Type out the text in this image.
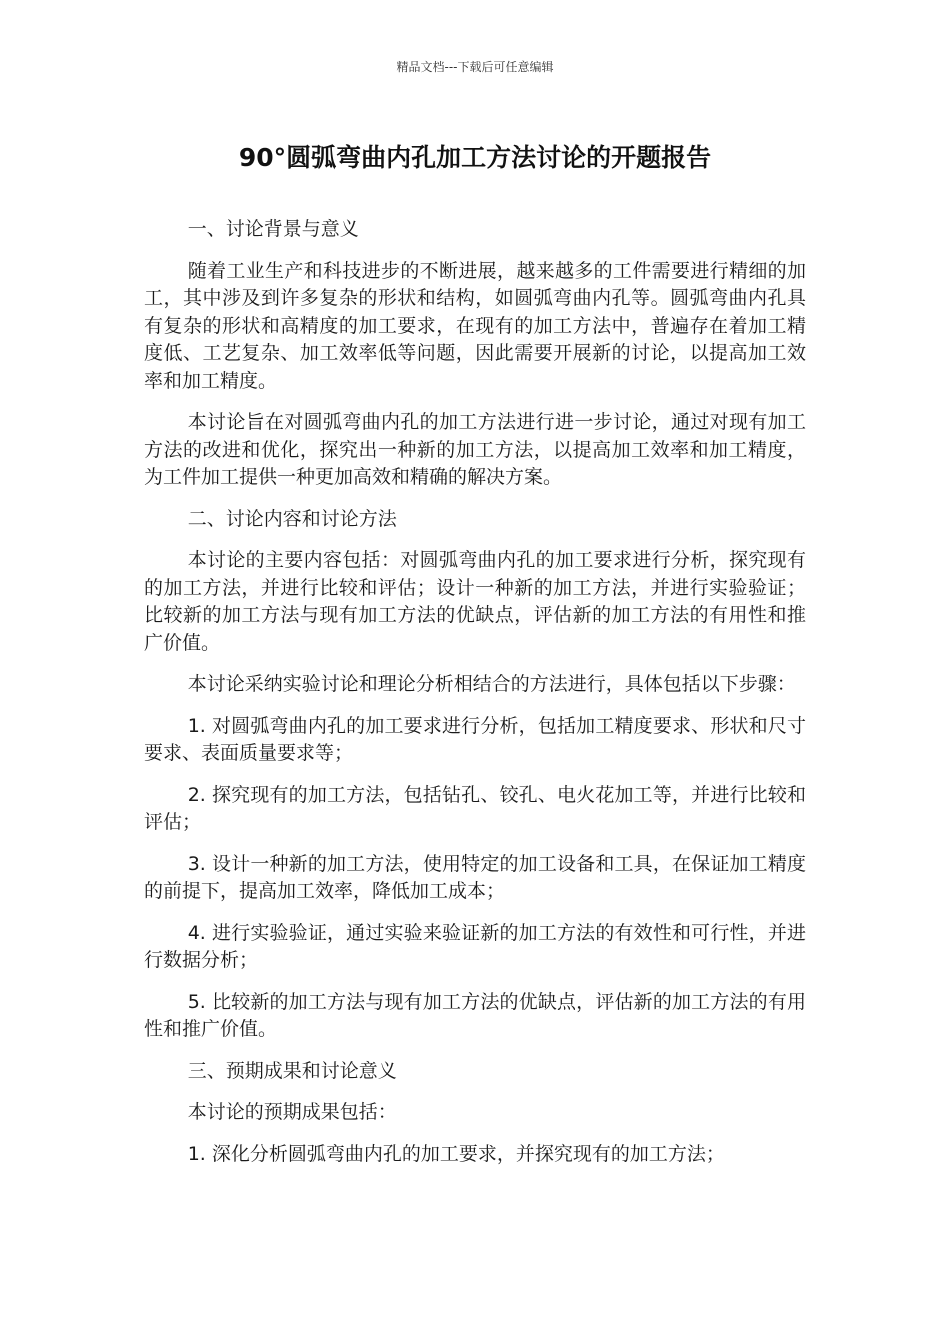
精品文档---下载后可任意编辑
90°圆弧弯曲内孔加工方法讨论的开题报告

一、讨论背景与意义

随着工业生产和科技进步的不断进展，越来越多的工件需要进行精细的加工，其中涉及到许多复杂的形状和结构，如圆弧弯曲内孔等。圆弧弯曲内孔具有复杂的形状和高精度的加工要求，在现有的加工方法中，普遍存在着加工精度低、工艺复杂、加工效率低等问题，因此需要开展新的讨论，以提高加工效率和加工精度。

本讨论旨在对圆弧弯曲内孔的加工方法进行进一步讨论，通过对现有加工方法的改进和优化，探究出一种新的加工方法，以提高加工效率和加工精度，为工件加工提供一种更加高效和精确的解决方案。

二、讨论内容和讨论方法

本讨论的主要内容包括：对圆弧弯曲内孔的加工要求进行分析，探究现有的加工方法，并进行比较和评估；设计一种新的加工方法，并进行实验验证；比较新的加工方法与现有加工方法的优缺点，评估新的加工方法的有用性和推广价值。

本讨论采纳实验讨论和理论分析相结合的方法进行，具体包括以下步骤：

1. 对圆弧弯曲内孔的加工要求进行分析，包括加工精度要求、形状和尺寸要求、表面质量要求等；

2. 探究现有的加工方法，包括钻孔、铰孔、电火花加工等，并进行比较和评估；

3. 设计一种新的加工方法，使用特定的加工设备和工具，在保证加工精度的前提下，提高加工效率，降低加工成本；

4. 进行实验验证，通过实验来验证新的加工方法的有效性和可行性，并进行数据分析；

5. 比较新的加工方法与现有加工方法的优缺点，评估新的加工方法的有用性和推广价值。

三、预期成果和讨论意义

本讨论的预期成果包括：

1. 深化分析圆弧弯曲内孔的加工要求，并探究现有的加工方法；
